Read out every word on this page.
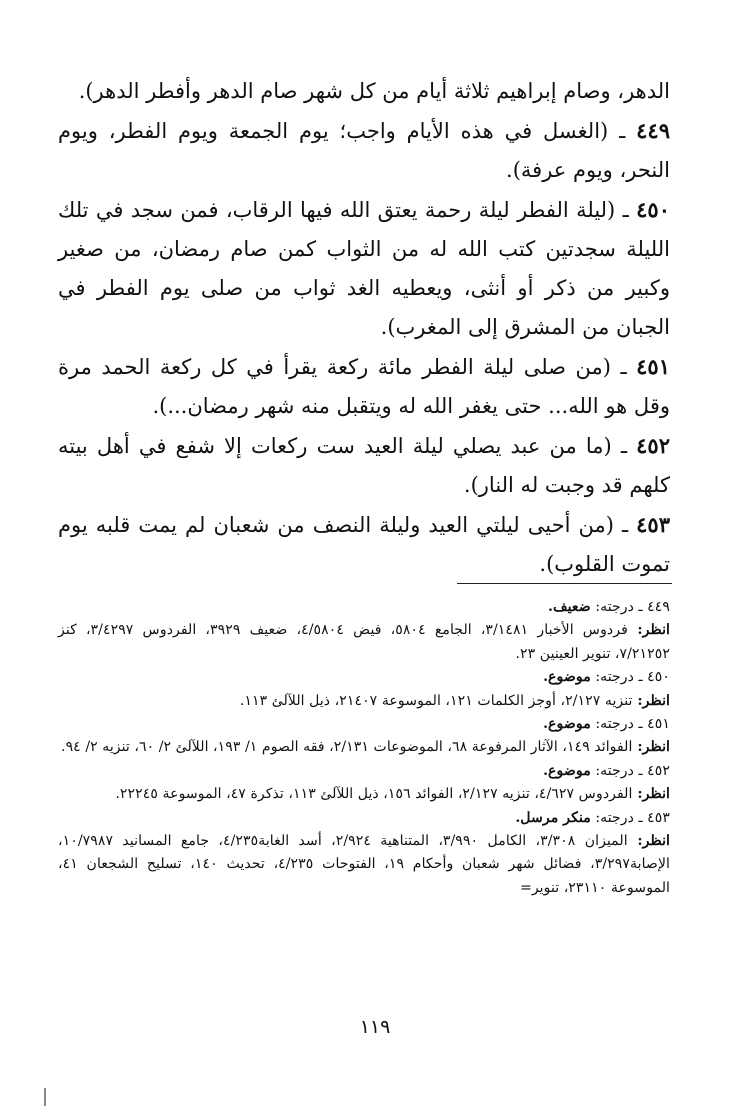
الدهر، وصام إبراهيم ثلاثة أيام من كل شهر صام الدهر وأفطر الدهر).

٤٤٩ ـ (الغسل في هذه الأيام واجب؛ يوم الجمعة ويوم الفطر، ويوم النحر، ويوم عرفة).

٤٥٠ ـ (ليلة الفطر ليلة رحمة يعتق الله فيها الرقاب، فمن سجد في تلك الليلة سجدتين كتب الله له من الثواب كمن صام رمضان، من صغير وكبير من ذكر أو أنثى، ويعطيه الغد ثواب من صلى يوم الفطر في الجبان من المشرق إلى المغرب).

٤٥١ ـ (من صلى ليلة الفطر مائة ركعة يقرأ في كل ركعة الحمد مرة وقل هو الله... حتى يغفر الله له ويتقبل منه شهر رمضان...).

٤٥٢ ـ (ما من عبد يصلي ليلة العيد ست ركعات إلا شفع في أهل بيته كلهم قد وجبت له النار).

٤٥٣ ـ (من أحيى ليلتي العيد وليلة النصف من شعبان لم يمت قلبه يوم تموت القلوب).

٤٤٩ ـ درجته: ضعيف.

انظر: فردوس الأخبار ٣/١٤٨١، الجامع ٥٨٠٤، فيض ٤/٥٨٠٤، ضعيف ٣٩٢٩، الفردوس ٣/٤٢٩٧، كنز ٧/٢١٢٥٢، تنوير العينين ٢٣.

٤٥٠ ـ درجته: موضوع.

انظر: تنزيه ٢/١٢٧، أوجز الكلمات ١٢١، الموسوعة ٢١٤٠٧، ذيل اللآلئ ١١٣.

٤٥١ ـ درجته: موضوع.

انظر: الفوائد ١٤٩، الآثار المرفوعة ٦٨، الموضوعات ٢/١٣١، فقه الصوم ١/ ١٩٣، اللآلئ ٢/ ٦٠، تنزيه ٢/ ٩٤.

٤٥٢ ـ درجته: موضوع.

انظر: الفردوس ٤/٦٢٧، تنزيه ٢/١٢٧، الفوائد ١٥٦، ذيل اللآلئ ١١٣، تذكرة ٤٧، الموسوعة ٢٢٢٤٥.

٤٥٣ ـ درجته: منكر مرسل.

انظر: الميزان ٣/٣٠٨، الكامل ٣/٩٩٠، المتناهية ٢/٩٢٤، أسد الغابة٤/٢٣٥، جامع المسانيد ١٠/٧٩٨٧، الإصابة٣/٢٩٧، فضائل شهر شعبان وأحكام ١٩، الفتوحات ٤/٢٣٥، تحديث ١٤٠، تسليح الشجعان ٤١، الموسوعة ٢٣١١٠، تنوير=

١١٩
